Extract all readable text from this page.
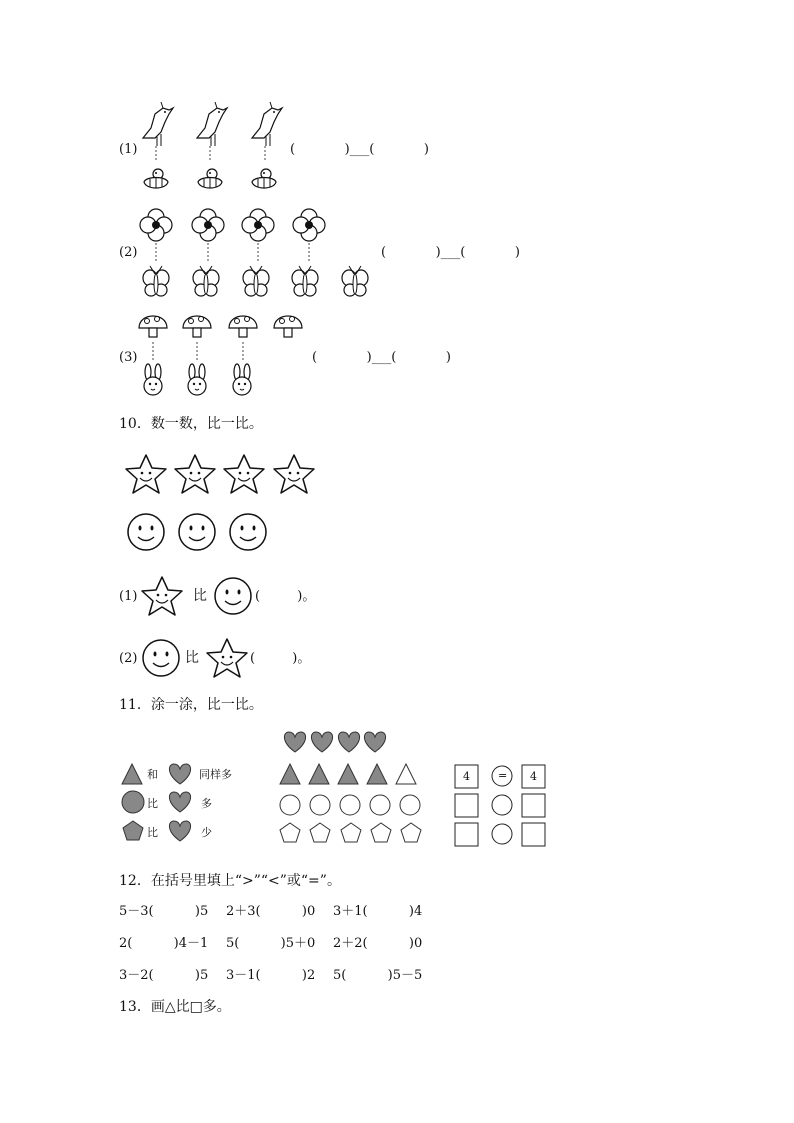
(1)
(2)
(3)
(            )___(            )
(            )___(            )
(            )___(            )
10．数一数，比一比。
(1)	比	(         )。
(2)	比	(         )。
11．涂一涂，比一比。
和	同样多
比	多
比	少
4	= 4
12．在括号里填上“>”“<”或“=”。
5－3(          )5 2＋3(          )0 3＋1(          )4
2(          )4－1 5(          )5＋0 2＋2(          )0
3－2(          )5 3－1(          )2 5(          )5－5
13．画△比□多。
